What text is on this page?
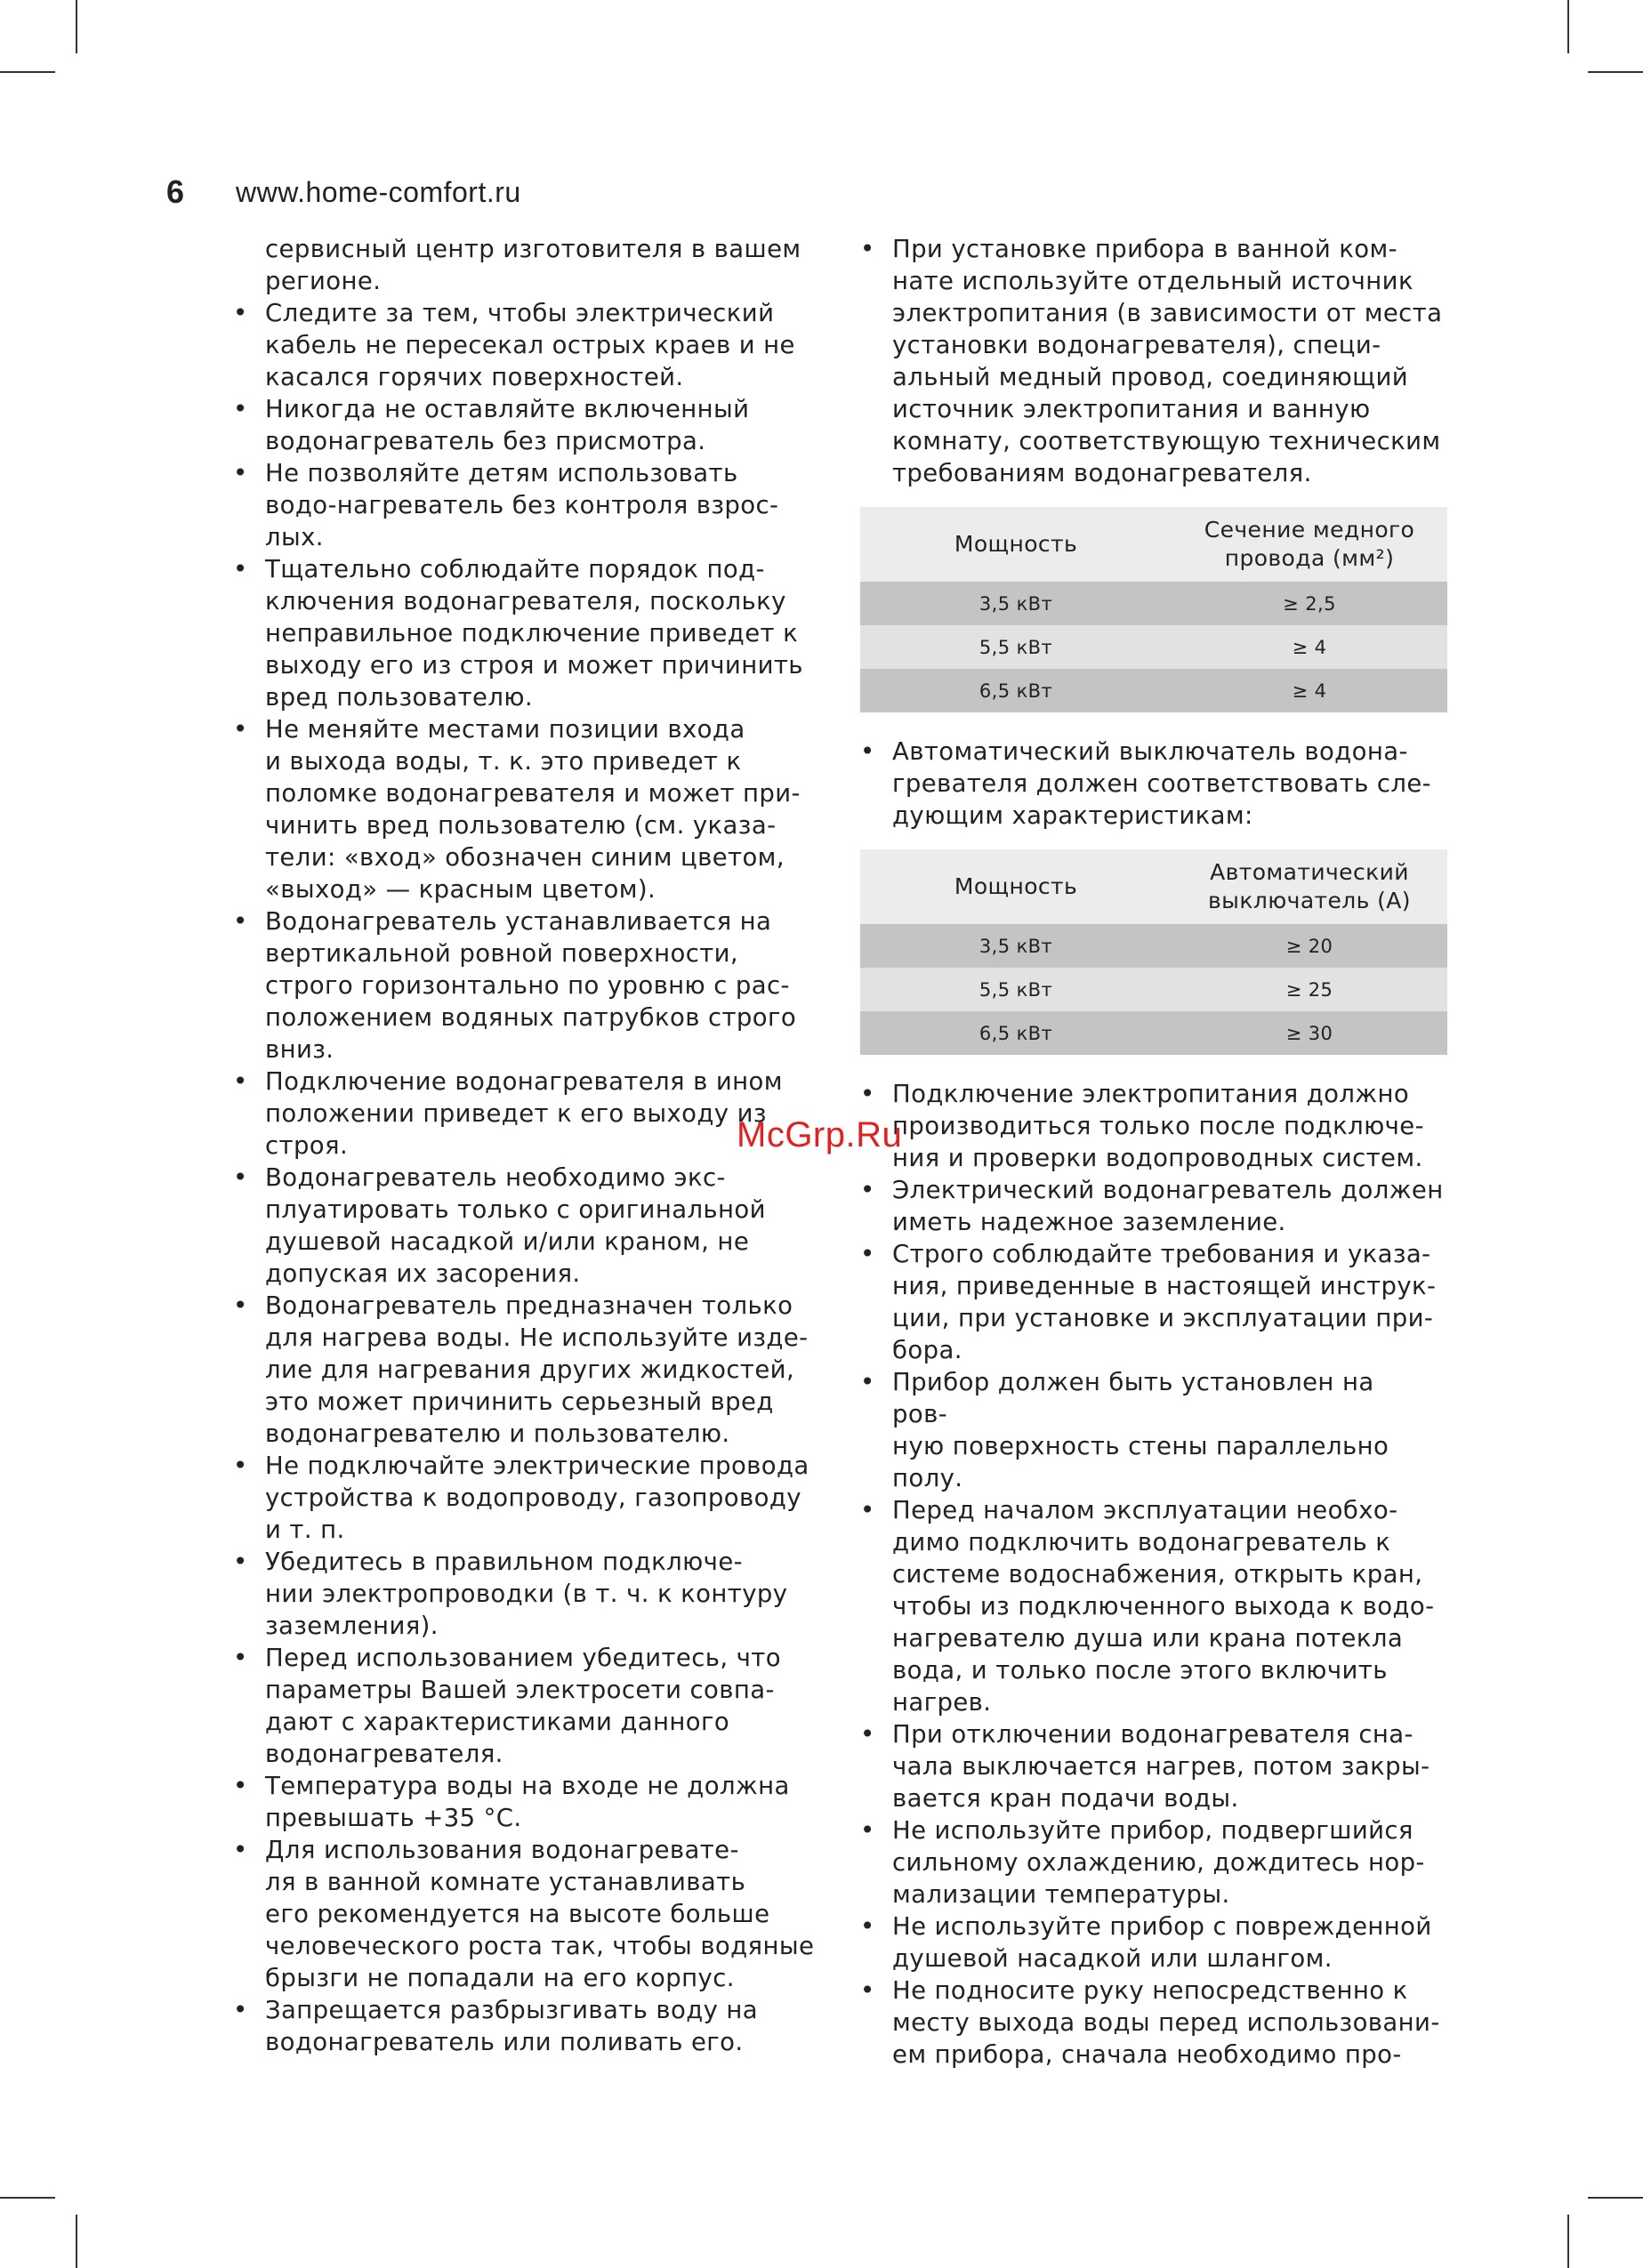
6	www.home-comfort.ru
сервисный центр изготовителя в вашем
регионе.
• Следите за тем, чтобы электрический
кабель не пересекал острых краев и не
касался горячих поверхностей.
• Никогда не оставляйте включенный
водонагреватель без присмотра.
• Не позволяйте детям использовать
водо-нагреватель без контроля взрос-
лых.
• Тщательно соблюдайте порядок под-
ключения водонагревателя, поскольку
неправильное подключение приведет к
выходу его из строя и может причинить
вред пользователю.
• Не меняйте местами позиции входа
и выхода воды, т. к. это приведет к
поломке водонагревателя и может при-
чинить вред пользователю (см. указа-
тели: «вход» обозначен синим цветом,
«выход» — красным цветом).
• Водонагреватель устанавливается на
вертикальной ровной поверхности,
строго горизонтально по уровню с рас-
положением водяных патрубков строго
вниз.
• Подключение водонагревателя в ином
положении приведет к его выходу из
строя.
• Водонагреватель необходимо экс-
плуатировать только с оригинальной
душевой насадкой и/или краном, не
допуская их засорения.
• Водонагреватель предназначен только
для нагрева воды. Не используйте изде-
лие для нагревания других жидкостей,
это может причинить серьезный вред
водонагревателю и пользователю.
• Не подключайте электрические провода
устройства к водопроводу, газопроводу
и т. п.
• Убедитесь в правильном подключе-
нии электропроводки (в т. ч. к контуру
заземления).
• Перед использованием убедитесь, что
параметры Вашей электросети совпа-
дают с характеристиками данного
водонагревателя.
• Температура воды на входе не должна
превышать +35 °С.
• Для использования водонагревате-
ля в ванной комнате устанавливать
его рекомендуется на высоте больше
человеческого роста так, чтобы водяные
брызги не попадали на его корпус.
• Запрещается разбрызгивать воду на
водонагреватель или поливать его.
• При установке прибора в ванной ком-
нате используйте отдельный источник
электропитания (в зависимости от места
установки водонагревателя), специ-
альный медный провод, соединяющий
источник электропитания и ванную
комнату, соответствующую техническим
требованиям водонагревателя.
Мощность	Сечение медного провода (мм²)
3,5 кВт	≥ 2,5
5,5 кВт	≥ 4
6,5 кВт	≥ 4
• Автоматический выключатель водона-
гревателя должен соответствовать сле-
дующим характеристикам:
Мощность	Автоматический выключатель (А)
3,5 кВт	≥ 20
5,5 кВт	≥ 25
6,5 кВт	≥ 30
• Подключение электропитания должно
производиться только после подключе-
ния и проверки водопроводных систем.
• Электрический водонагреватель должен
иметь надежное заземление.
• Строго соблюдайте требования и указа-
ния, приведенные в настоящей инструк-
ции, при установке и эксплуатации при-
бора.
• Прибор должен быть установлен на
ров-
ную поверхность стены параллельно
полу.
• Перед началом эксплуатации необхо-
димо подключить водонагреватель к
системе водоснабжения, открыть кран,
чтобы из подключенного выхода к водо-
нагревателю душа или крана потекла
вода, и только после этого включить
нагрев.
• При отключении водонагревателя сна-
чала выключается нагрев, потом закры-
вается кран подачи воды.
• Не используйте прибор, подвергшийся
сильному охлаждению, дождитесь нор-
мализации температуры.
• Не используйте прибор с поврежденной
душевой насадкой или шлангом.
• Не подносите руку непосредственно к
месту выхода воды перед использовани-
ем прибора, сначала необходимо про-
McGrp.Ru
